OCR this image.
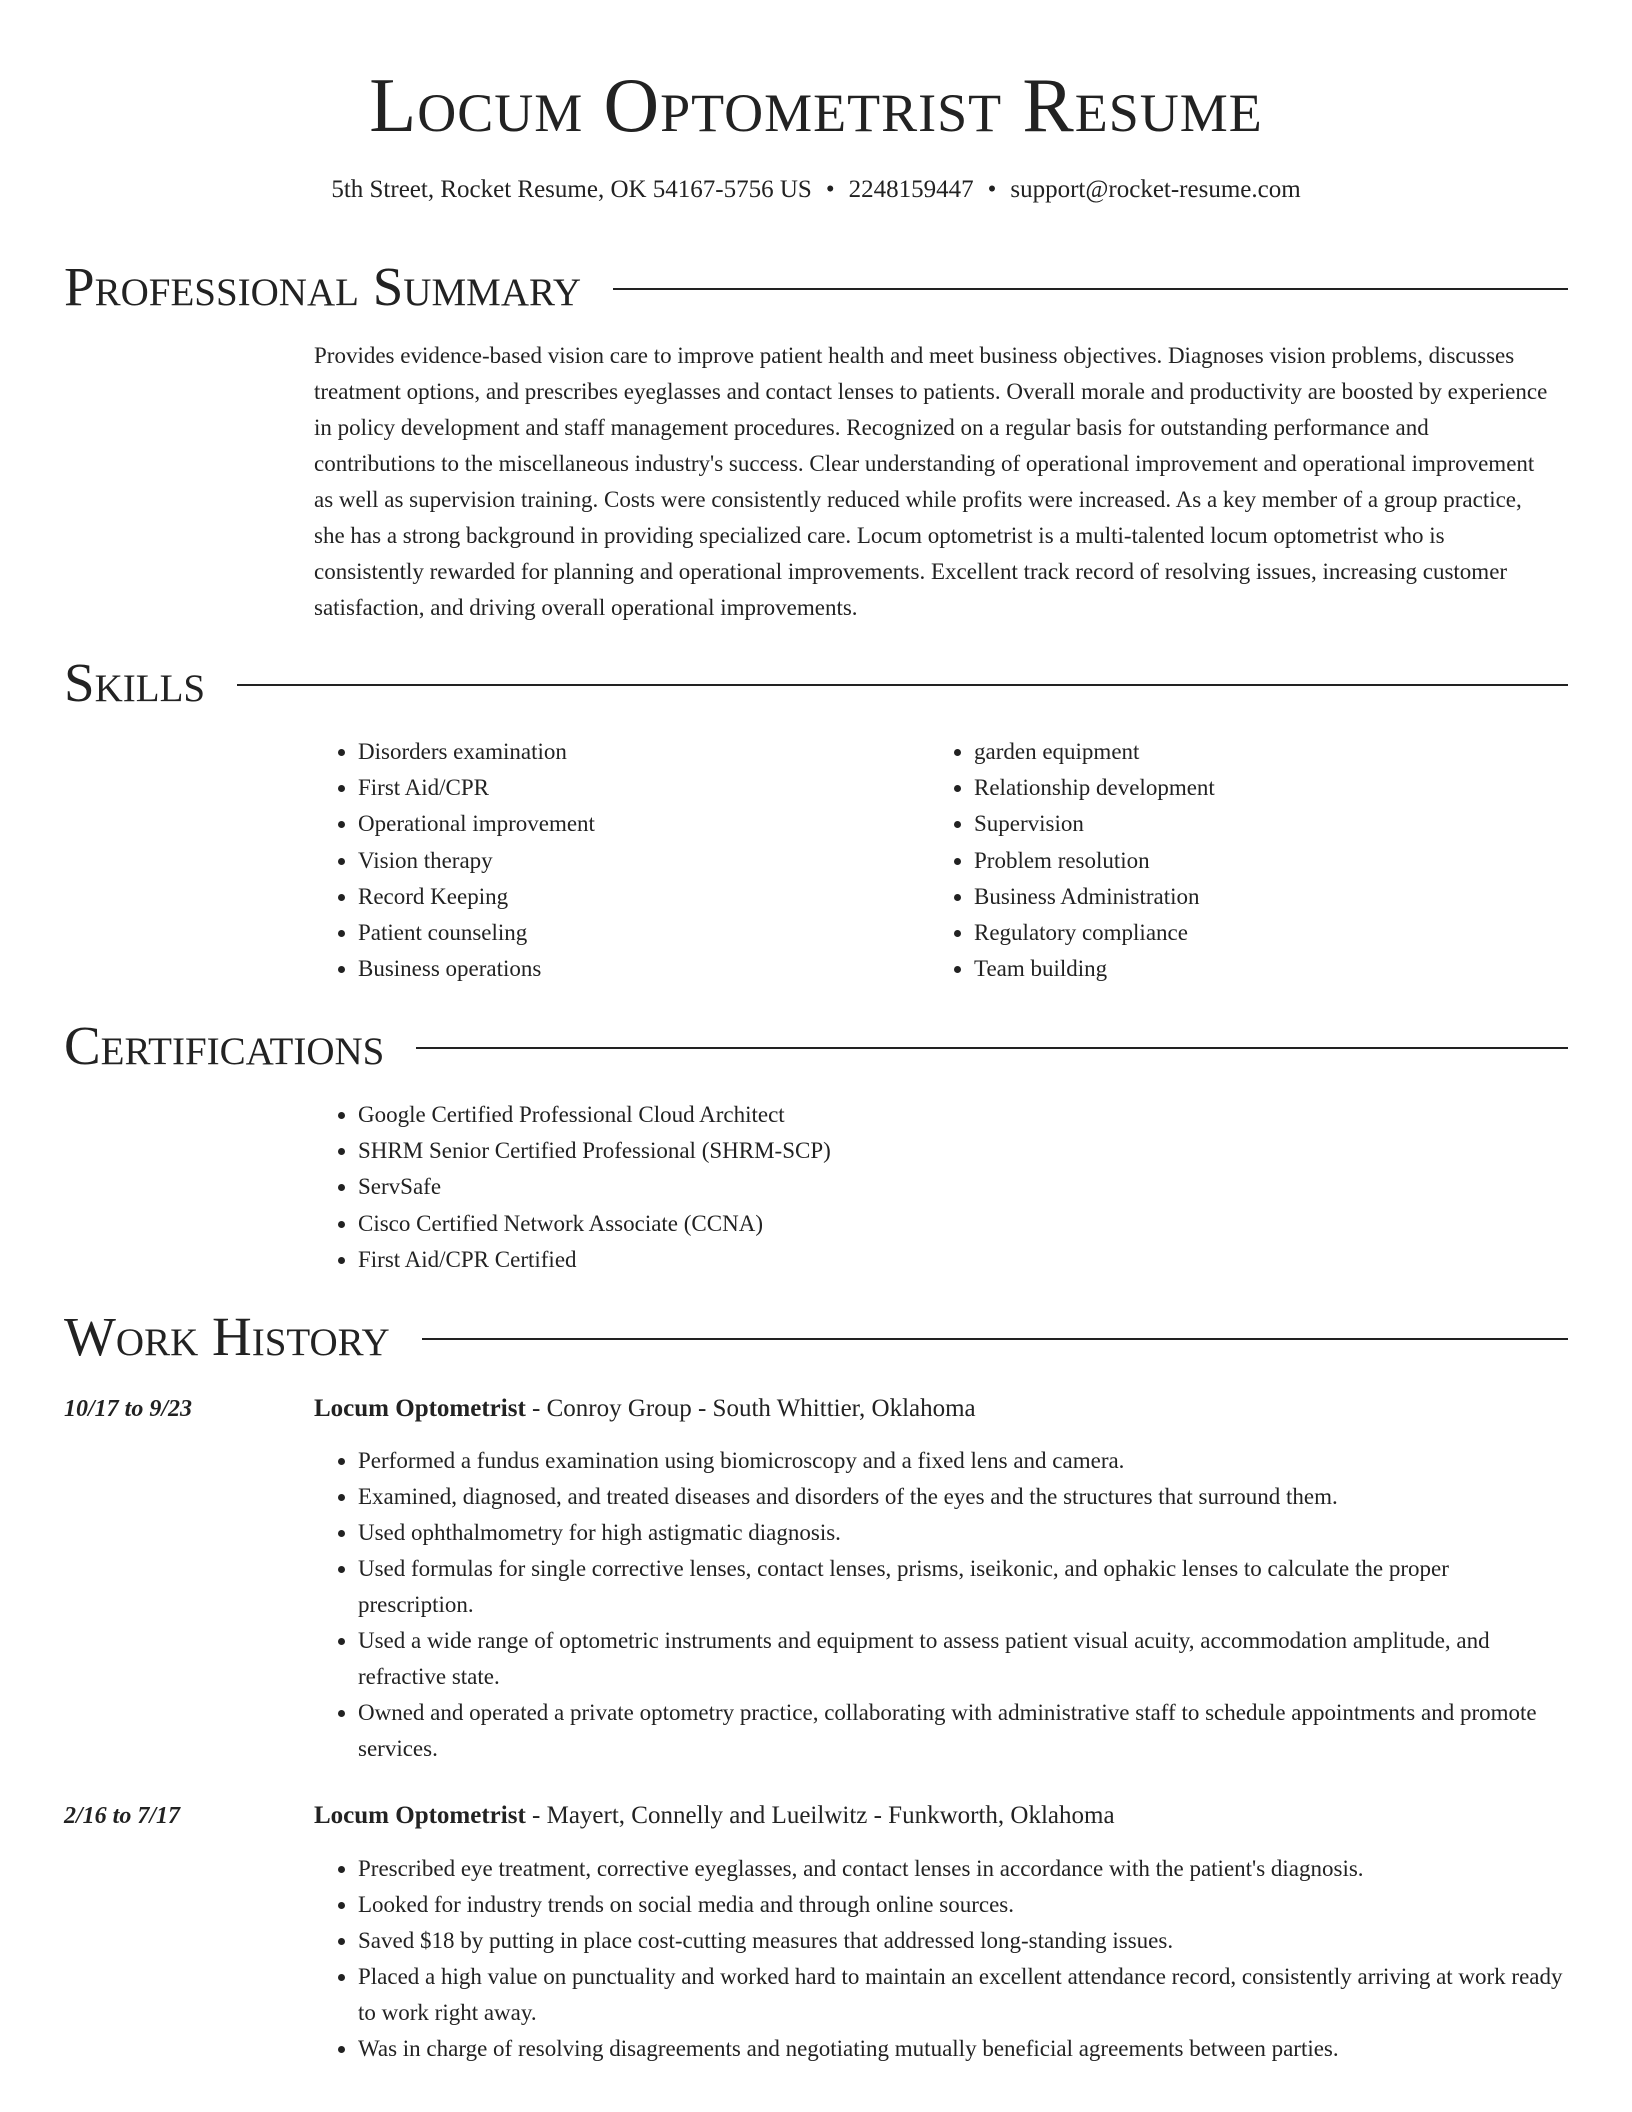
Locum Optometrist Resume
5th Street, Rocket Resume, OK 54167-5756 US • 2248159447 • support@rocket-resume.com
Professional Summary

Provides evidence-based vision care to improve patient health and meet business objectives. Diagnoses vision problems, discusses treatment options, and prescribes eyeglasses and contact lenses to patients. Overall morale and productivity are boosted by experience in policy development and staff management procedures. Recognized on a regular basis for outstanding performance and contributions to the miscellaneous industry's success. Clear understanding of operational improvement and operational improvement as well as supervision training. Costs were consistently reduced while profits were increased. As a key member of a group practice, she has a strong background in providing specialized care. Locum optometrist is a multi-talented locum optometrist who is consistently rewarded for planning and operational improvements. Excellent track record of resolving issues, increasing customer satisfaction, and driving overall operational improvements.

Skills
• Disorders examination
• First Aid/CPR
• Operational improvement
• Vision therapy
• Record Keeping
• Patient counseling
• Business operations
• garden equipment
• Relationship development
• Supervision
• Problem resolution
• Business Administration
• Regulatory compliance
• Team building
Certifications
• Google Certified Professional Cloud Architect
• SHRM Senior Certified Professional (SHRM-SCP)
• ServSafe
• Cisco Certified Network Associate (CCNA)
• First Aid/CPR Certified
Work History
10/17 to 9/23	Locum Optometrist - Conroy Group - South Whittier, Oklahoma
• Performed a fundus examination using biomicroscopy and a fixed lens and camera.
• Examined, diagnosed, and treated diseases and disorders of the eyes and the structures that surround them.
• Used ophthalmometry for high astigmatic diagnosis.
• Used formulas for single corrective lenses, contact lenses, prisms, iseikonic, and ophakic lenses to calculate the proper prescription.
• Used a wide range of optometric instruments and equipment to assess patient visual acuity, accommodation amplitude, and refractive state.
• Owned and operated a private optometry practice, collaborating with administrative staff to schedule appointments and promote services.
2/16 to 7/17	Locum Optometrist - Mayert, Connelly and Lueilwitz - Funkworth, Oklahoma
• Prescribed eye treatment, corrective eyeglasses, and contact lenses in accordance with the patient's diagnosis.
• Looked for industry trends on social media and through online sources.
• Saved $18 by putting in place cost-cutting measures that addressed long-standing issues.
• Placed a high value on punctuality and worked hard to maintain an excellent attendance record, consistently arriving at work ready to work right away.
• Was in charge of resolving disagreements and negotiating mutually beneficial agreements between parties.
